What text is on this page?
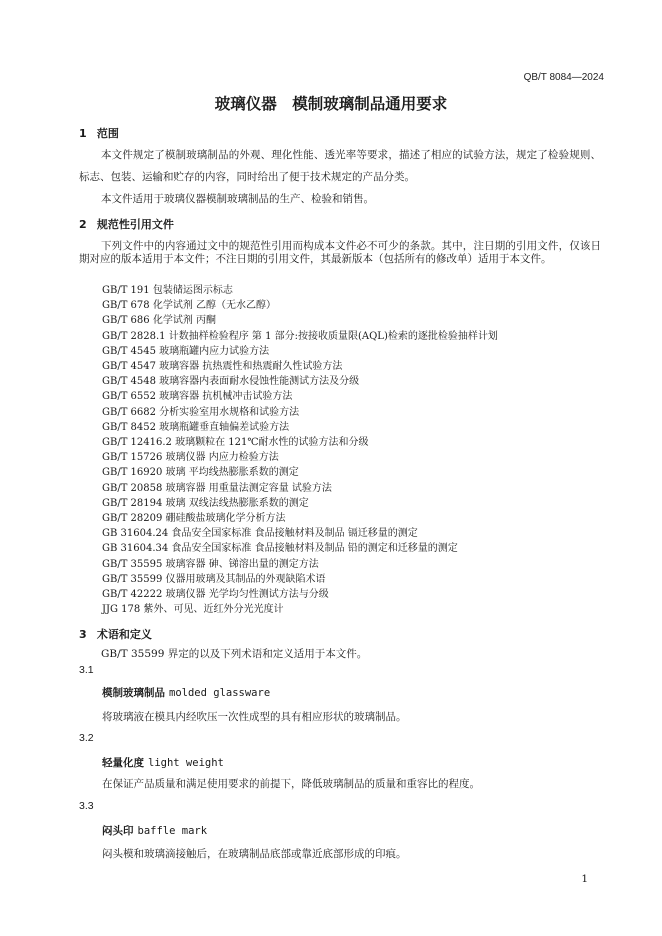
QB/T 8084—2024
玻璃仪器　模制玻璃制品通用要求
1 范围
本文件规定了模制玻璃制品的外观、理化性能、透光率等要求，描述了相应的试验方法，规定了检验规则、标志、包装、运输和贮存的内容，同时给出了便于技术规定的产品分类。
本文件适用于玻璃仪器模制玻璃制品的生产、检验和销售。
2 规范性引用文件
下列文件中的内容通过文中的规范性引用而构成本文件必不可少的条款。其中，注日期的引用文件，仅该日期对应的版本适用于本文件；不注日期的引用文件，其最新版本（包括所有的修改单）适用于本文件。
GB/T 191 包装储运图示标志
GB/T 678 化学试剂 乙醇（无水乙醇）
GB/T 686 化学试剂 丙酮
GB/T 2828.1 计数抽样检验程序 第 1 部分:按接收质量限(AQL)检索的逐批检验抽样计划
GB/T 4545 玻璃瓶罐内应力试验方法
GB/T 4547 玻璃容器 抗热震性和热震耐久性试验方法
GB/T 4548 玻璃容器内表面耐水侵蚀性能测试方法及分级
GB/T 6552 玻璃容器 抗机械冲击试验方法
GB/T 6682 分析实验室用水规格和试验方法
GB/T 8452 玻璃瓶罐垂直轴偏差试验方法
GB/T 12416.2 玻璃颗粒在 121℃耐水性的试验方法和分级
GB/T 15726 玻璃仪器 内应力检验方法
GB/T 16920 玻璃 平均线热膨胀系数的测定
GB/T 20858 玻璃容器 用重量法测定容量 试验方法
GB/T 28194 玻璃 双线法线热膨胀系数的测定
GB/T 28209 硼硅酸盐玻璃化学分析方法
GB 31604.24 食品安全国家标准 食品接触材料及制品 镉迁移量的测定
GB 31604.34 食品安全国家标准 食品接触材料及制品 铅的测定和迁移量的测定
GB/T 35595 玻璃容器 砷、锑溶出量的测定方法
GB/T 35599 仪器用玻璃及其制品的外观缺陷术语
GB/T 42222 玻璃仪器 光学均匀性测试方法与分级
JJG 178 紫外、可见、近红外分光光度计
3 术语和定义
GB/T 35599 界定的以及下列术语和定义适用于本文件。
3.1
模制玻璃制品 molded glassware
将玻璃液在模具内经吹压一次性成型的具有相应形状的玻璃制品。
3.2
轻量化度 light weight
在保证产品质量和满足使用要求的前提下，降低玻璃制品的质量和重容比的程度。
3.3
闷头印 baffle mark
闷头模和玻璃滴接触后，在玻璃制品底部或靠近底部形成的印痕。
1
